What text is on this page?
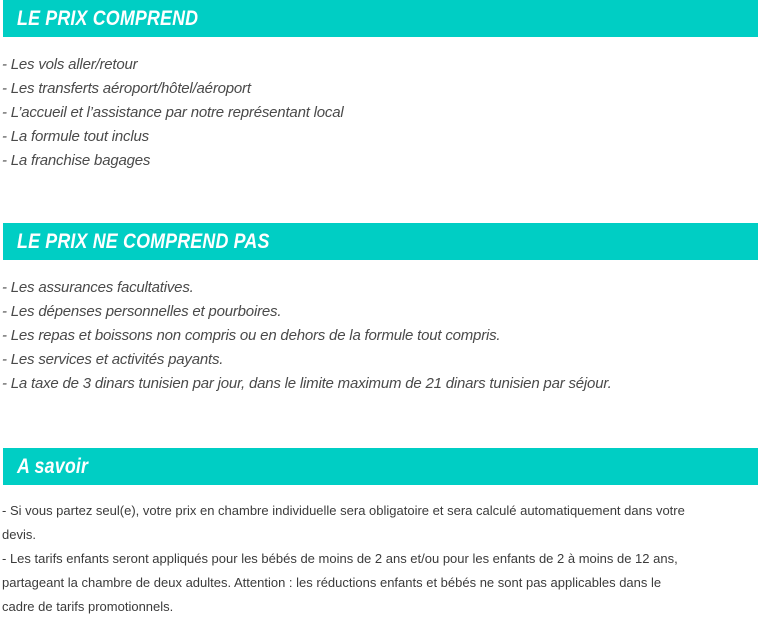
LE PRIX COMPREND
- Les vols aller/retour
- Les transferts aéroport/hôtel/aéroport
- L’accueil et l’assistance par notre représentant local
- La formule tout inclus
- La franchise bagages
LE PRIX NE COMPREND PAS
- Les assurances facultatives.
- Les dépenses personnelles et pourboires.
- Les repas et boissons non compris ou en dehors de la formule tout compris.
- Les services et activités payants.
- La taxe de 3 dinars tunisien par jour, dans le limite maximum de 21 dinars tunisien par séjour.
A savoir
- Si vous partez seul(e), votre prix en chambre individuelle sera obligatoire et sera calculé automatiquement dans votre
devis.
- Les tarifs enfants seront appliqués pour les bébés de moins de 2 ans et/ou pour les enfants de 2 à moins de 12 ans,
partageant la chambre de deux adultes. Attention : les réductions enfants et bébés ne sont pas applicables dans le
cadre de tarifs promotionnels.
